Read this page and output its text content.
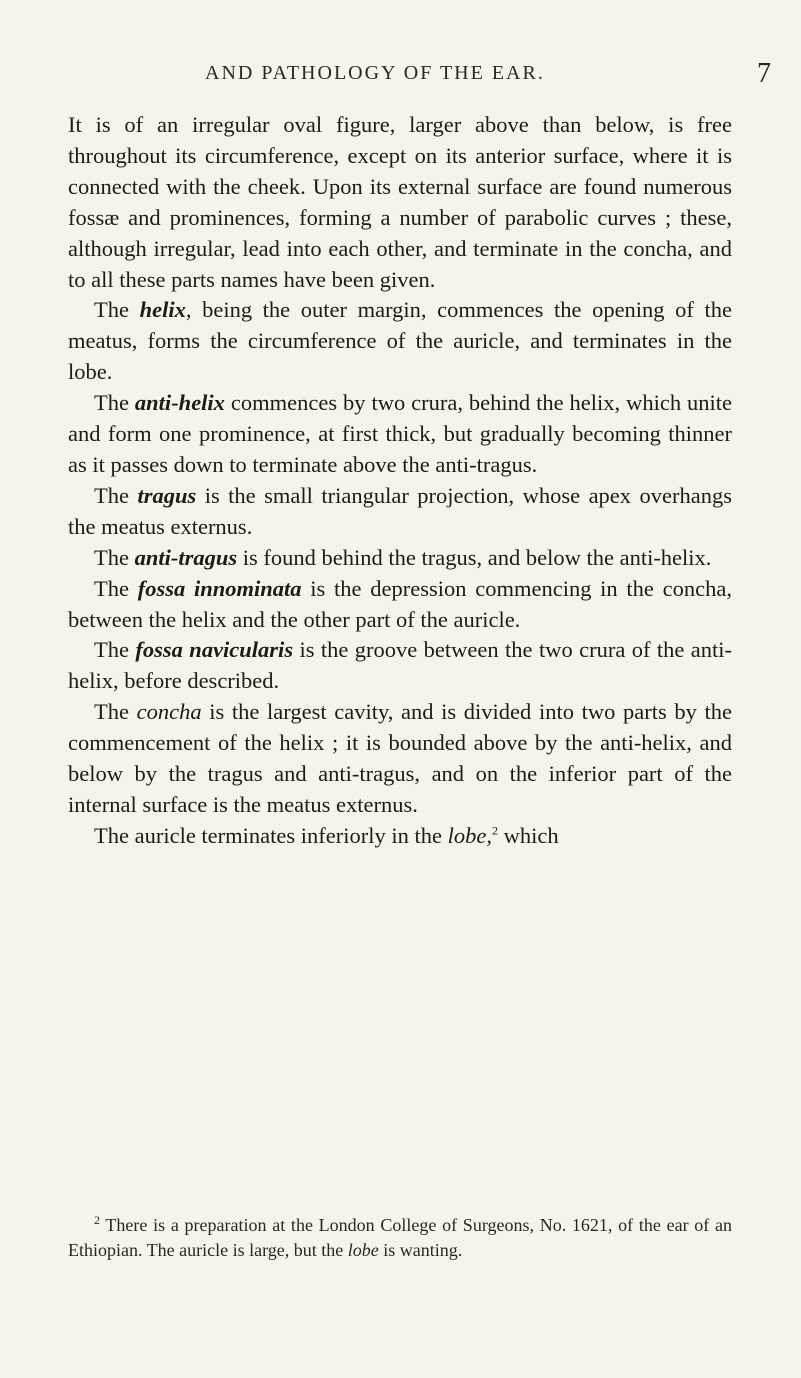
AND PATHOLOGY OF THE EAR.	7

It is of an irregular oval figure, larger above than below, is free throughout its circumference, except on its anterior surface, where it is connected with the cheek. Upon its external surface are found numerous fossæ and prominences, forming a number of parabolic curves ; these, although irregular, lead into each other, and terminate in the concha, and to all these parts names have been given.

The helix, being the outer margin, commences the opening of the meatus, forms the circumference of the auricle, and terminates in the lobe.

The anti-helix commences by two crura, behind the helix, which unite and form one prominence, at first thick, but gradually becoming thinner as it passes down to terminate above the anti-tragus.

The tragus is the small triangular projection, whose apex overhangs the meatus externus.

The anti-tragus is found behind the tragus, and below the anti-helix.

The fossa innominata is the depression commencing in the concha, between the helix and the other part of the auricle.

The fossa navicularis is the groove between the two crura of the anti-helix, before described.

The concha is the largest cavity, and is divided into two parts by the commencement of the helix ; it is bounded above by the anti-helix, and below by the tragus and anti-tragus, and on the inferior part of the internal surface is the meatus externus.

The auricle terminates inferiorly in the lobe,$^2$ which

$^2$ There is a preparation at the London College of Surgeons, No. 1621, of the ear of an Ethiopian. The auricle is large, but the lobe is wanting.
